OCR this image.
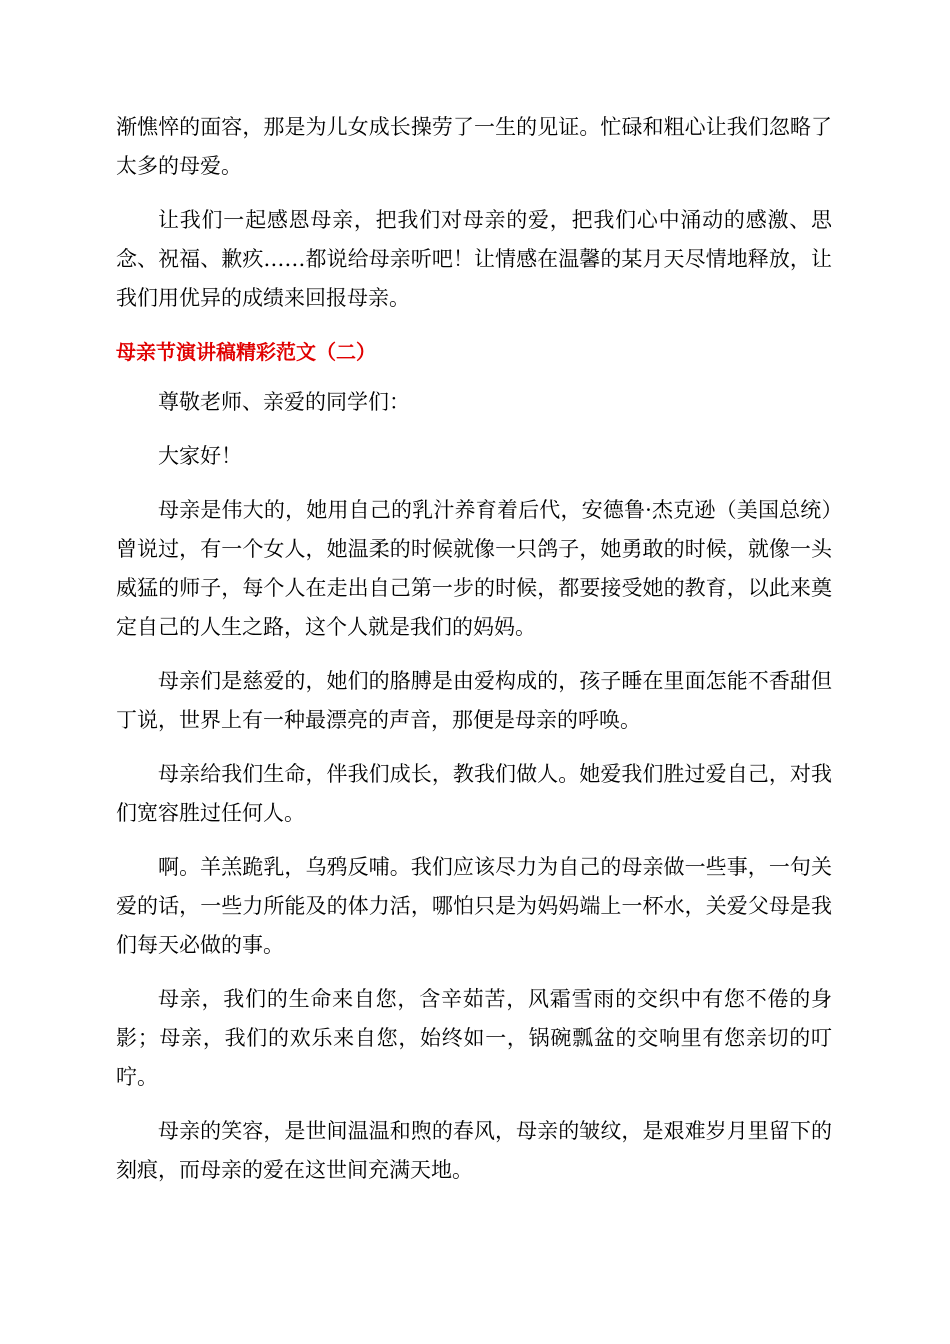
渐憔悴的面容，那是为儿女成长操劳了一生的见证。忙碌和粗心让我们忽略了太多的母爱。

让我们一起感恩母亲，把我们对母亲的爱，把我们心中涌动的感激、思念、祝福、歉疚……都说给母亲听吧！让情感在温馨的某月天尽情地释放，让我们用优异的成绩来回报母亲。

母亲节演讲稿精彩范文（二）

尊敬老师、亲爱的同学们：

大家好！

母亲是伟大的，她用自己的乳汁养育着后代，安德鲁·杰克逊（美国总统）曾说过，有一个女人，她温柔的时候就像一只鸽子，她勇敢的时候，就像一头威猛的师子，每个人在走出自己第一步的时候，都要接受她的教育，以此来奠定自己的人生之路，这个人就是我们的妈妈。

母亲们是慈爱的，她们的胳膊是由爱构成的，孩子睡在里面怎能不香甜但丁说，世界上有一种最漂亮的声音，那便是母亲的呼唤。

母亲给我们生命，伴我们成长，教我们做人。她爱我们胜过爱自己，对我们宽容胜过任何人。

啊。羊羔跪乳，乌鸦反哺。我们应该尽力为自己的母亲做一些事，一句关爱的话，一些力所能及的体力活，哪怕只是为妈妈端上一杯水，关爱父母是我们每天必做的事。

母亲，我们的生命来自您，含辛茹苦，风霜雪雨的交织中有您不倦的身影；母亲，我们的欢乐来自您，始终如一，锅碗瓢盆的交响里有您亲切的叮咛。

母亲的笑容，是世间温温和煦的春风，母亲的皱纹，是艰难岁月里留下的刻痕，而母亲的爱在这世间充满天地。
